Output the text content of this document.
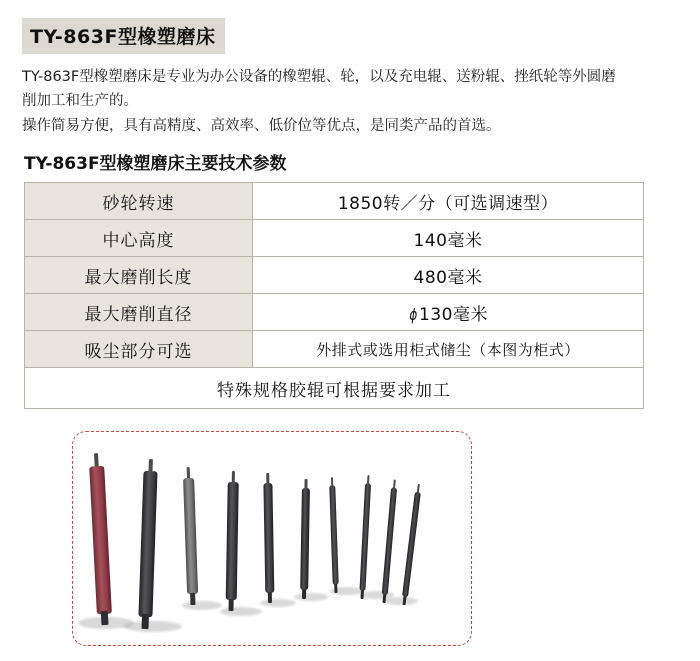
TY-863F型橡塑磨床

TY-863F型橡塑磨床是专业为办公设备的橡塑辊、轮，以及充电辊、送粉辊、挫纸轮等外圆磨

削加工和生产的。

操作简易方便，具有高精度、高效率、低价位等优点，是同类产品的首选。

TY-863F型橡塑磨床主要技术参数
砂轮转速	1850转／分（可选调速型）
中心高度	140毫米
最大磨削长度	480毫米
最大磨削直径	ϕ130毫米
吸尘部分可选	外排式或选用柜式储尘（本图为柜式）
特殊规格胶辊可根据要求加工	
